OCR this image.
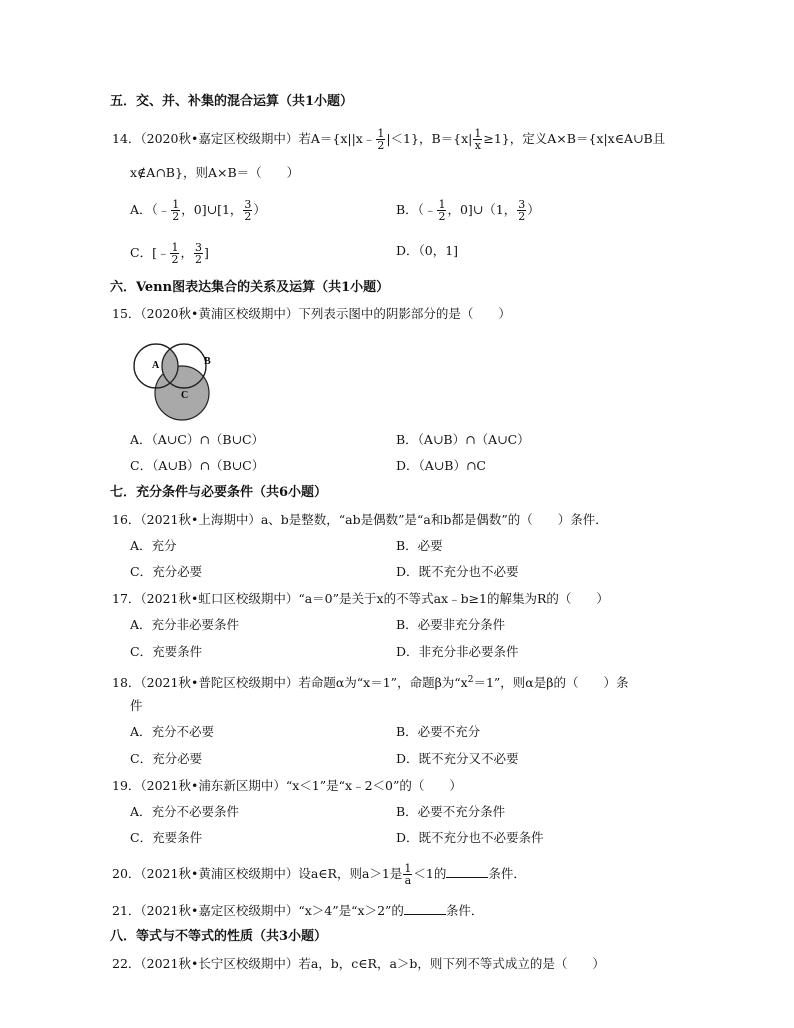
五．交、并、补集的混合运算（共1小题）
14．（2020秋•嘉定区校级期中）若A＝{x||x﹣ $\frac{1}{2} |<1$}，$B=\{x| \frac{1}{x} \ge 1\}$，定义A×B＝{x|x∈A∪B且
x∉A∩B}，则A×B＝（　　）
A．（﹣ $\frac{1}{2}$ ，0]∪[1， $\frac{3}{2}$ ）	B．（﹣ $\frac{1}{2}$ ，0]∪（1， $\frac{3}{2}$ ）
C．[﹣ $\frac{1}{2}$ ， $\frac{3}{2}$ ]	D．（0，1]
六．Venn图表达集合的关系及运算（共1小题）
15．（2020秋•黄浦区校级期中）下列表示图中的阴影部分的是（　　）
A	B
C
A．（A∪C）∩（B∪C）	B．（A∪B）∩（A∪C）
C．（A∪B）∩（B∪C）	D．（A∪B）∩C
七．充分条件与必要条件（共6小题）
16．（2021秋•上海期中）a、b是整数，“ab是偶数”是“a和b都是偶数”的（　　）条件．
A．充分	B．必要
C．充分必要	D．既不充分也不必要
17．（2021秋•虹口区校级期中）“a＝0”是关于x的不等式ax﹣b≥1的解集为R的（　　）
A．充分非必要条件	B．必要非充分条件
C．充要条件	D．非充分非必要条件
18．（2021秋•普陀区校级期中）若命题α为“x＝1”，命题β为“$x^2=1$”，则α是β的（　　）条
件
A．充分不必要	B．必要不充分
C．充分必要	D．既不充分又不必要
19．（2021秋•浦东新区期中）“x＜1”是“x﹣2＜0”的（　　）
A．充分不必要条件	B．必要不充分条件
C．充要条件	D．既不充分也不必要条件
20．（2021秋•黄浦区校级期中）设a∈R，则a＞1是 $\frac{1}{a} <1$的	条件．
21．（2021秋•嘉定区校级期中）“x＞4”是“x＞2”的	条件．
八．等式与不等式的性质（共3小题）
22．（2021秋•长宁区校级期中）若a，b，c∈R，a＞b，则下列不等式成立的是（　　）
